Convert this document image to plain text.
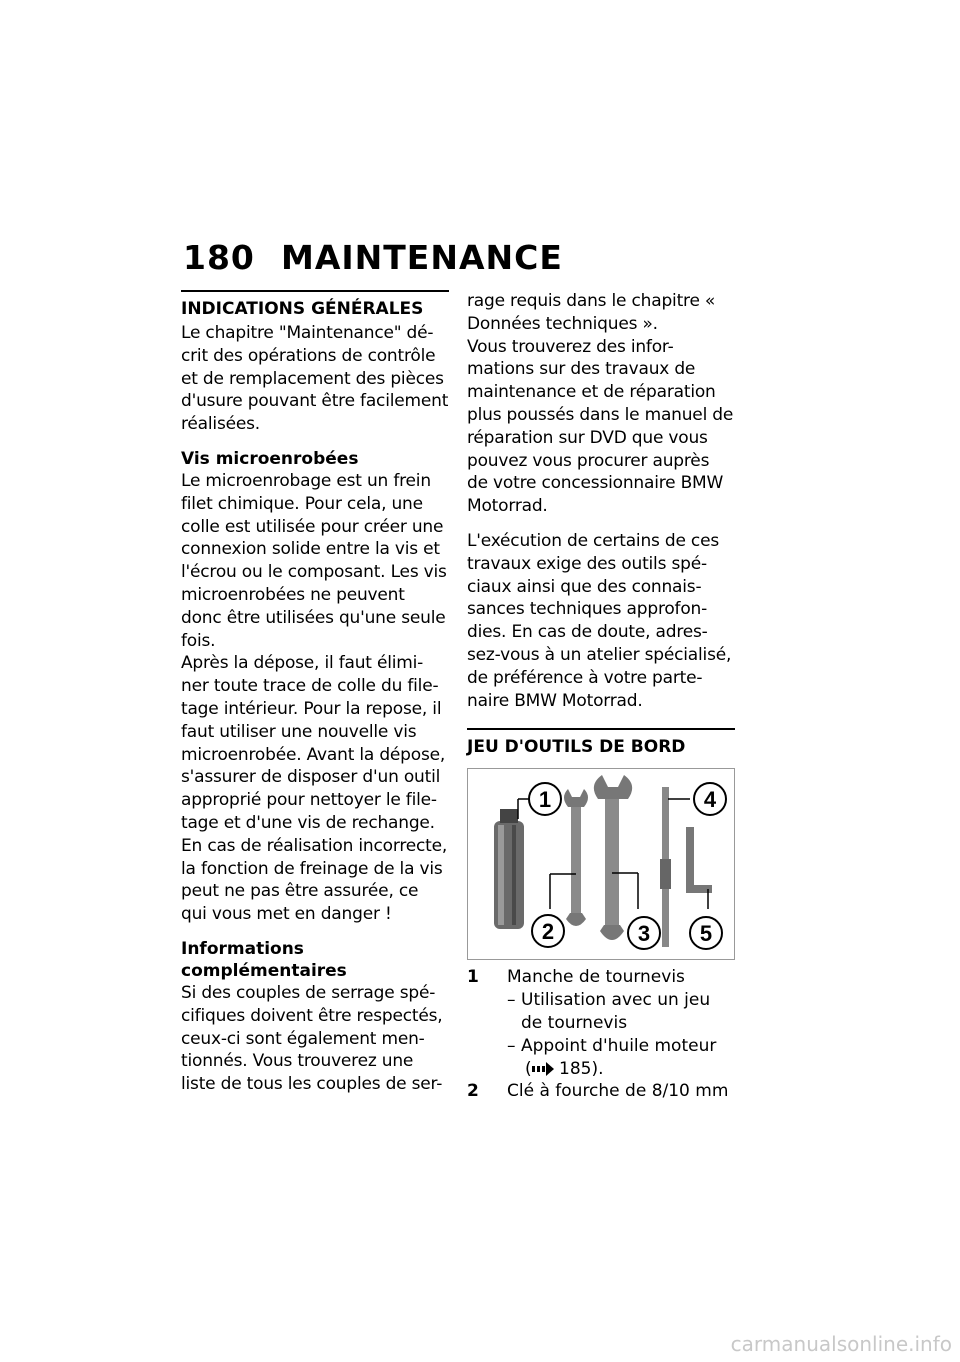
180 MAINTENANCE
INDICATIONS GÉNÉRALES

Le chapitre "Maintenance" dé-crit des opérations de contrôle et de remplacement des pièces d'usure pouvant être facilement réalisées.

Vis microenrobées

Le microenrobage est un frein filet chimique. Pour cela, une colle est utilisée pour créer une connexion solide entre la vis et l'écrou ou le composant. Les vis microenrobées ne peuvent donc être utilisées qu'une seule fois.

Après la dépose, il faut élimi-ner toute trace de colle du file-tage intérieur. Pour la repose, il faut utiliser une nouvelle vis microenrobée. Avant la dépose, s'assurer de disposer d'un outil approprié pour nettoyer le file-tage et d'une vis de rechange. En cas de réalisation incorrecte, la fonction de freinage de la vis peut ne pas être assurée, ce qui vous met en danger !

Informations complémentaires

Si des couples de serrage spé-cifiques doivent être respectés, ceux-ci sont également men-tionnés. Vous trouverez une liste de tous les couples de ser-

rage requis dans le chapitre « Données techniques ».

Vous trouverez des infor-mations sur des travaux de maintenance et de réparation plus poussés dans le manuel de réparation sur DVD que vous pouvez vous procurer auprès de votre concessionnaire BMW Motorrad.

L'exécution de certains de ces travaux exige des outils spé-ciaux ainsi que des connais-sances techniques approfon-dies. En cas de doute, adres-sez-vous à un atelier spécialisé, de préférence à votre parte-naire BMW Motorrad.

JEU D'OUTILS DE BORD
1
2	3
4
5
1	Manche de tournevis
– Utilisation avec un jeu de tournevis
– Appoint d'huile moteur
( 185).
2	Clé à fourche de 8/10 mm
carmanualsonline.info
